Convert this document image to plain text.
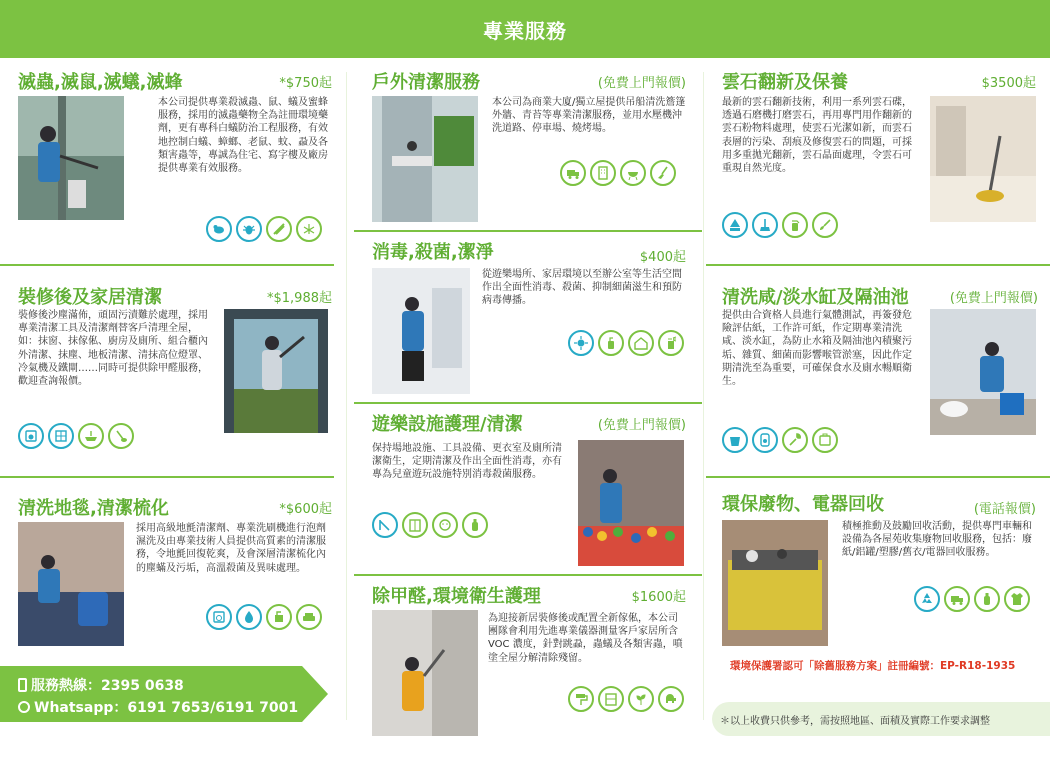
專業服務
滅蟲,滅鼠,滅蟻,滅蜂	*$750起
本公司提供專業殺滅蟲、鼠、蟻及蜜蜂服務，採用的滅蟲藥物全為註冊環境藥劑，更有專科白蟻防治工程服務，有效地控制白蟻、蟑螂、老鼠、蚊、蝨及各類害蟲等，專誠為住宅、寫字樓及廠房提供專業有效服務。
裝修後及家居清潔	*$1,988起
裝修後沙塵滿佈，頑固污漬難於處理，採用專業清潔工具及清潔劑替客戶清理全屋，如：抹窗、抹傢俬、廚房及廁所、組合櫃內外清潔、抹塵、地板清潔、清抹高位燈罩、冷氣機及鐵閘……同時可提供除甲醛服務，歡迎查詢報價。
清洗地毯,清潔梳化	*$600起
採用高級地氈清潔劑、專業洗刷機進行泡劑濕洗及由專業技術人員提供高質素的清潔服務，令地氈回復乾爽，及會深層清潔梳化內的塵蟎及污垢，高溫殺菌及異味處理。
服務熱線：2395 0638
Whatsapp：6191 7653/6191 7001
戶外清潔服務	(免費上門報價)
本公司為商業大廈/獨立屋提供吊船清洗簷篷外牆、青苔等專業清潔服務，並用水壓機沖洗道路、停車場、燒烤場。
消毒,殺菌,潔淨	$400起
從遊樂場所、家居環境以至辦公室等生活空間作出全面性消毒、殺菌、抑制細菌滋生和預防病毒傳播。
遊樂設施護理/清潔	(免費上門報價)
保持場地設施、工具設備、更衣室及廁所清潔衛生，定期清潔及作出全面性消毒，亦有專為兒童遊玩設施特別消毒殺菌服務。
除甲醛,環境衛生護理	$1600起
為迎接新居裝修後或配置全新傢俬，本公司團隊會利用先進專業儀器測量客戶家居所含 VOC 濃度，針對跳蝨，蟲蟻及各類害蟲，噴塗全屋分解清除殘留。
雲石翻新及保養	$3500起
最新的雲石翻新技術，利用一系列雲石碟，透過石磨機打磨雲石，再用專門用作翻新的雲石粉物料處理，使雲石光潔如新，而雲石表層的污染、刮痕及修復雲石的問題，可採用多重拋光翻新，雲石晶面處理，令雲石可重現自然光度。
清洗咸/淡水缸及隔油池	(免費上門報價)
提供由合資格人員進行氣體測試，再簽發危險評估紙，工作許可紙，作定期專業清洗咸、淡水缸，為防止水箱及隔油池內積聚污垢、雜質、細菌而影響喉管淤塞，因此作定期清洗至為重要，可確保食水及廁水暢順衛生。
環保廢物、電器回收	(電話報價)
積極推動及鼓勵回收活動，提供專門車輛和設備為各屋苑收集廢物回收服務，包括：廢紙/鋁罐/塑膠/舊衣/電器回收服務。
環境保護署認可「除舊服務方案」註冊編號：EP-R18-1935
＊以上收費只供參考，需按照地區、面積及實際工作要求調整
